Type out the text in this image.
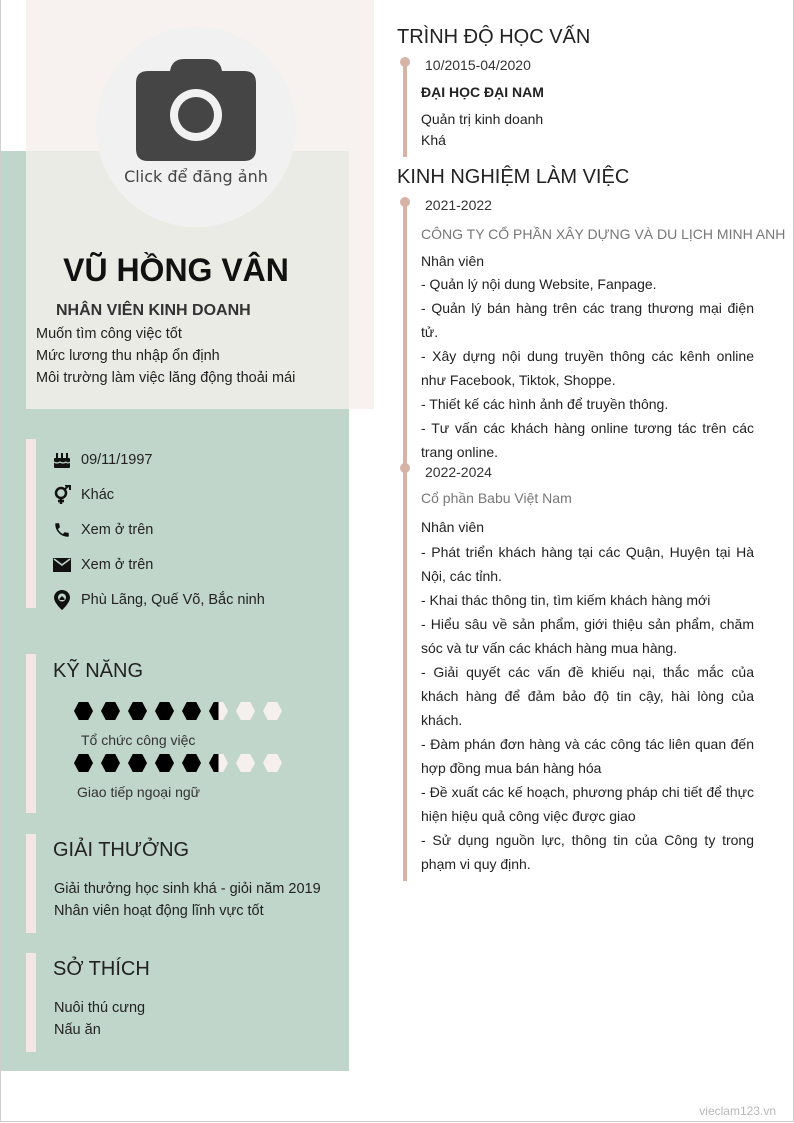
Click để đăng ảnh
VŨ HỒNG VÂN
NHÂN VIÊN KINH DOANH
Muốn tìm công việc tốt
Mức lương thu nhập ổn định
Môi trường làm việc lăng động thoải mái
09/11/1997
Khác
Xem ở trên
Xem ở trên
Phù Lãng, Quế Võ, Bắc ninh
KỸ NĂNG
Tổ chức công việc
Giao tiếp ngoại ngữ
GIẢI THƯỞNG
Giải thưởng học sinh khá - giỏi năm 2019
Nhân viên hoạt động lĩnh vực tốt
SỞ THÍCH
Nuôi thú cưng
Nấu ăn
TRÌNH ĐỘ HỌC VẤN
10/2015-04/2020
ĐẠI HỌC ĐẠI NAM
Quản trị kinh doanh
Khá
KINH NGHIỆM LÀM VIỆC
2021-2022
CÔNG TY CỔ PHẦN XÂY DỰNG VÀ DU LỊCH MINH ANH
Nhân viên
- Quản lý nội dung Website, Fanpage.
- Quản lý bán hàng trên các trang thương mại điện tử.
- Xây dựng nội dung truyền thông các kênh online như Facebook, Tiktok, Shoppe.
- Thiết kế các hình ảnh để truyền thông.
- Tư vấn các khách hàng online tương tác trên các trang online.
2022-2024
Cổ phần Babu Việt Nam
Nhân viên
- Phát triển khách hàng tại các Quận, Huyện tại Hà Nội, các tỉnh.
- Khai thác thông tin, tìm kiếm khách hàng mới
- Hiểu sâu về sản phẩm, giới thiệu sản phẩm, chăm sóc và tư vấn các khách hàng mua hàng.
- Giải quyết các vấn đề khiếu nại, thắc mắc của khách hàng để đảm bảo độ tin cậy, hài lòng của khách.
- Đàm phán đơn hàng và các công tác liên quan đến hợp đồng mua bán hàng hóa
- Đề xuất các kế hoạch, phương pháp chi tiết để thực hiện hiệu quả công việc được giao
- Sử dụng nguồn lực, thông tin của Công ty trong phạm vi quy định.
vieclam123.vn
